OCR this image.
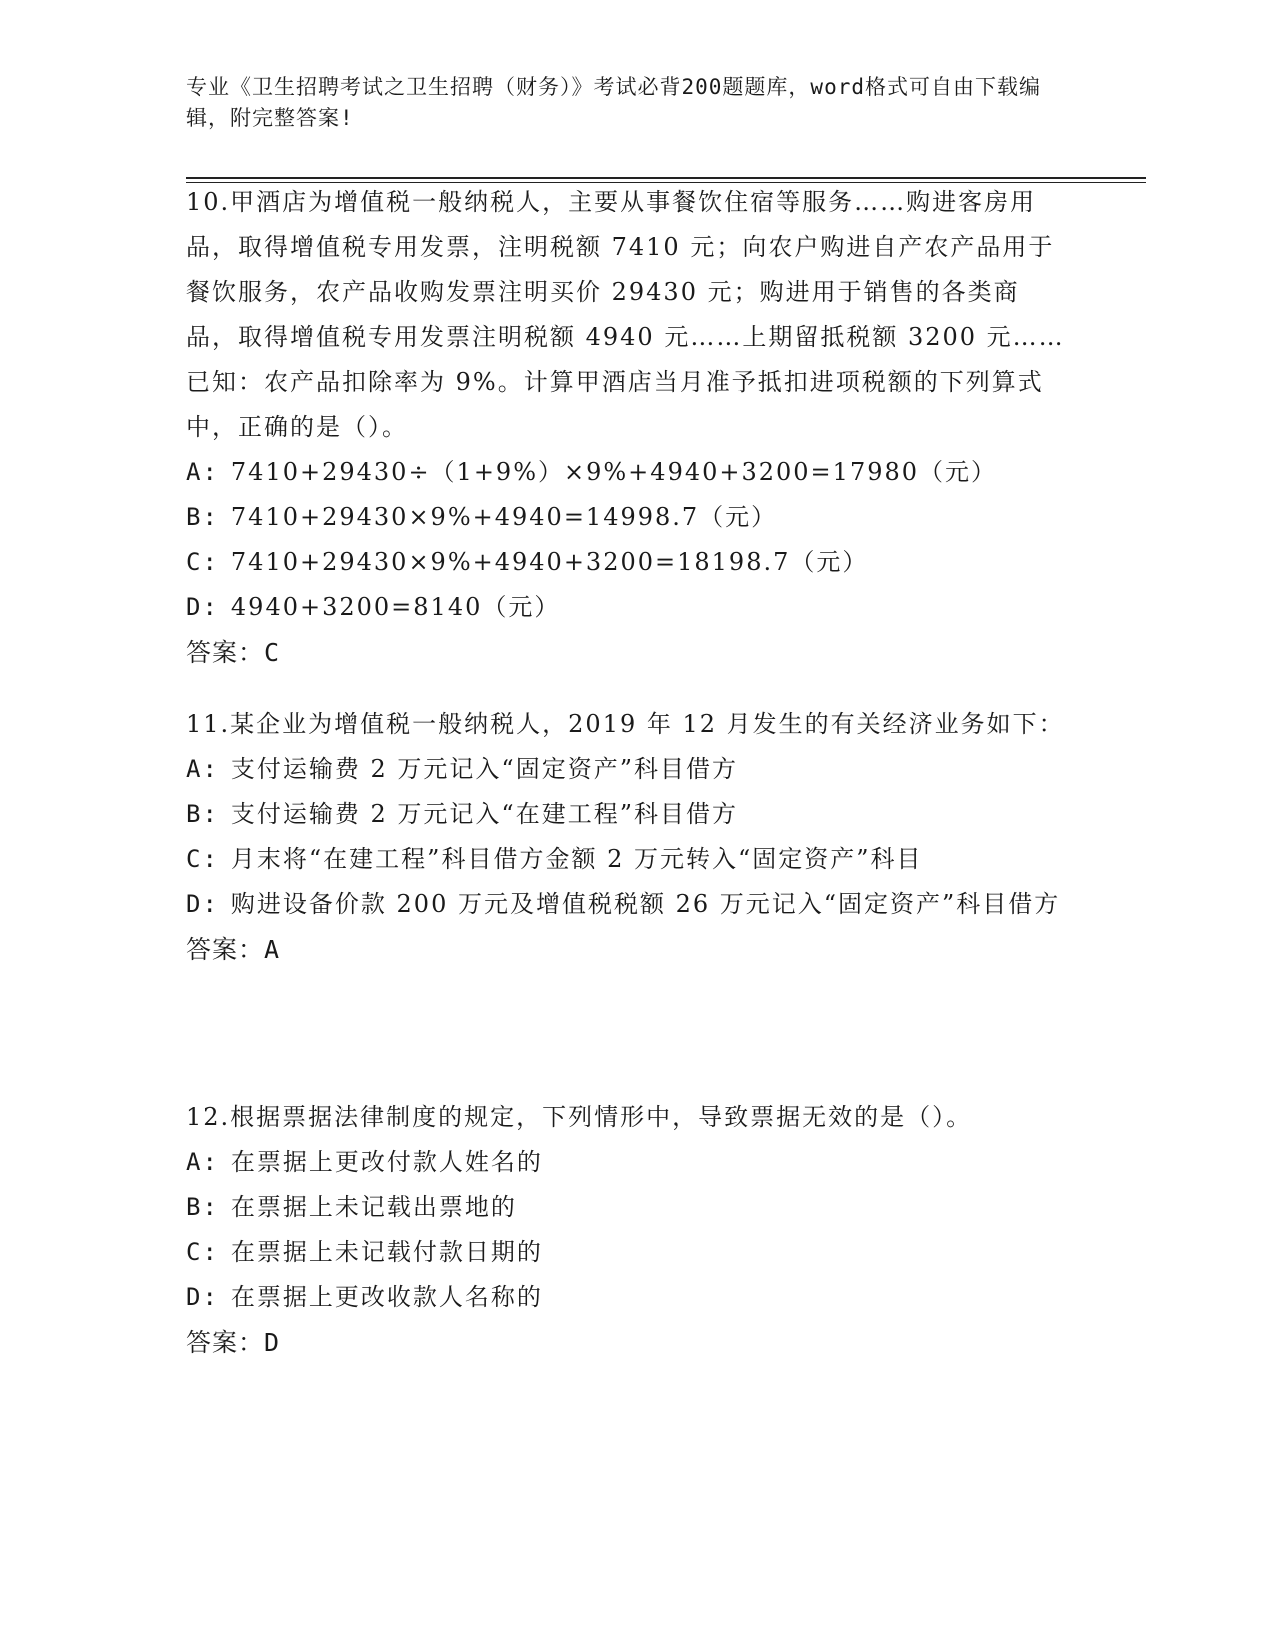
专业《卫生招聘考试之卫生招聘（财务）》考试必背200题题库，word格式可自由下载编辑，附完整答案!
10.甲酒店为增值税一般纳税人，主要从事餐饮住宿等服务……购进客房用品，取得增值税专用发票，注明税额 7410 元；向农户购进自产农产品用于餐饮服务，农产品收购发票注明买价 29430 元；购进用于销售的各类商品，取得增值税专用发票注明税额 4940 元……上期留抵税额 3200 元……已知：农产品扣除率为 9%。计算甲酒店当月准予抵扣进项税额的下列算式中，正确的是（）。
A: 7410+29430÷（1+9%）×9%+4940+3200=17980（元）
B: 7410+29430×9%+4940=14998.7（元）
C: 7410+29430×9%+4940+3200=18198.7（元）
D: 4940+3200=8140（元）
答案：C
11.某企业为增值税一般纳税人，2019 年 12 月发生的有关经济业务如下：
A: 支付运输费 2 万元记入“固定资产”科目借方
B: 支付运输费 2 万元记入“在建工程”科目借方
C: 月末将“在建工程”科目借方金额 2 万元转入“固定资产”科目
D: 购进设备价款 200 万元及增值税税额 26 万元记入“固定资产”科目借方
答案：A
12.根据票据法律制度的规定，下列情形中，导致票据无效的是（）。
A: 在票据上更改付款人姓名的
B: 在票据上未记载出票地的
C: 在票据上未记载付款日期的
D: 在票据上更改收款人名称的
答案：D
